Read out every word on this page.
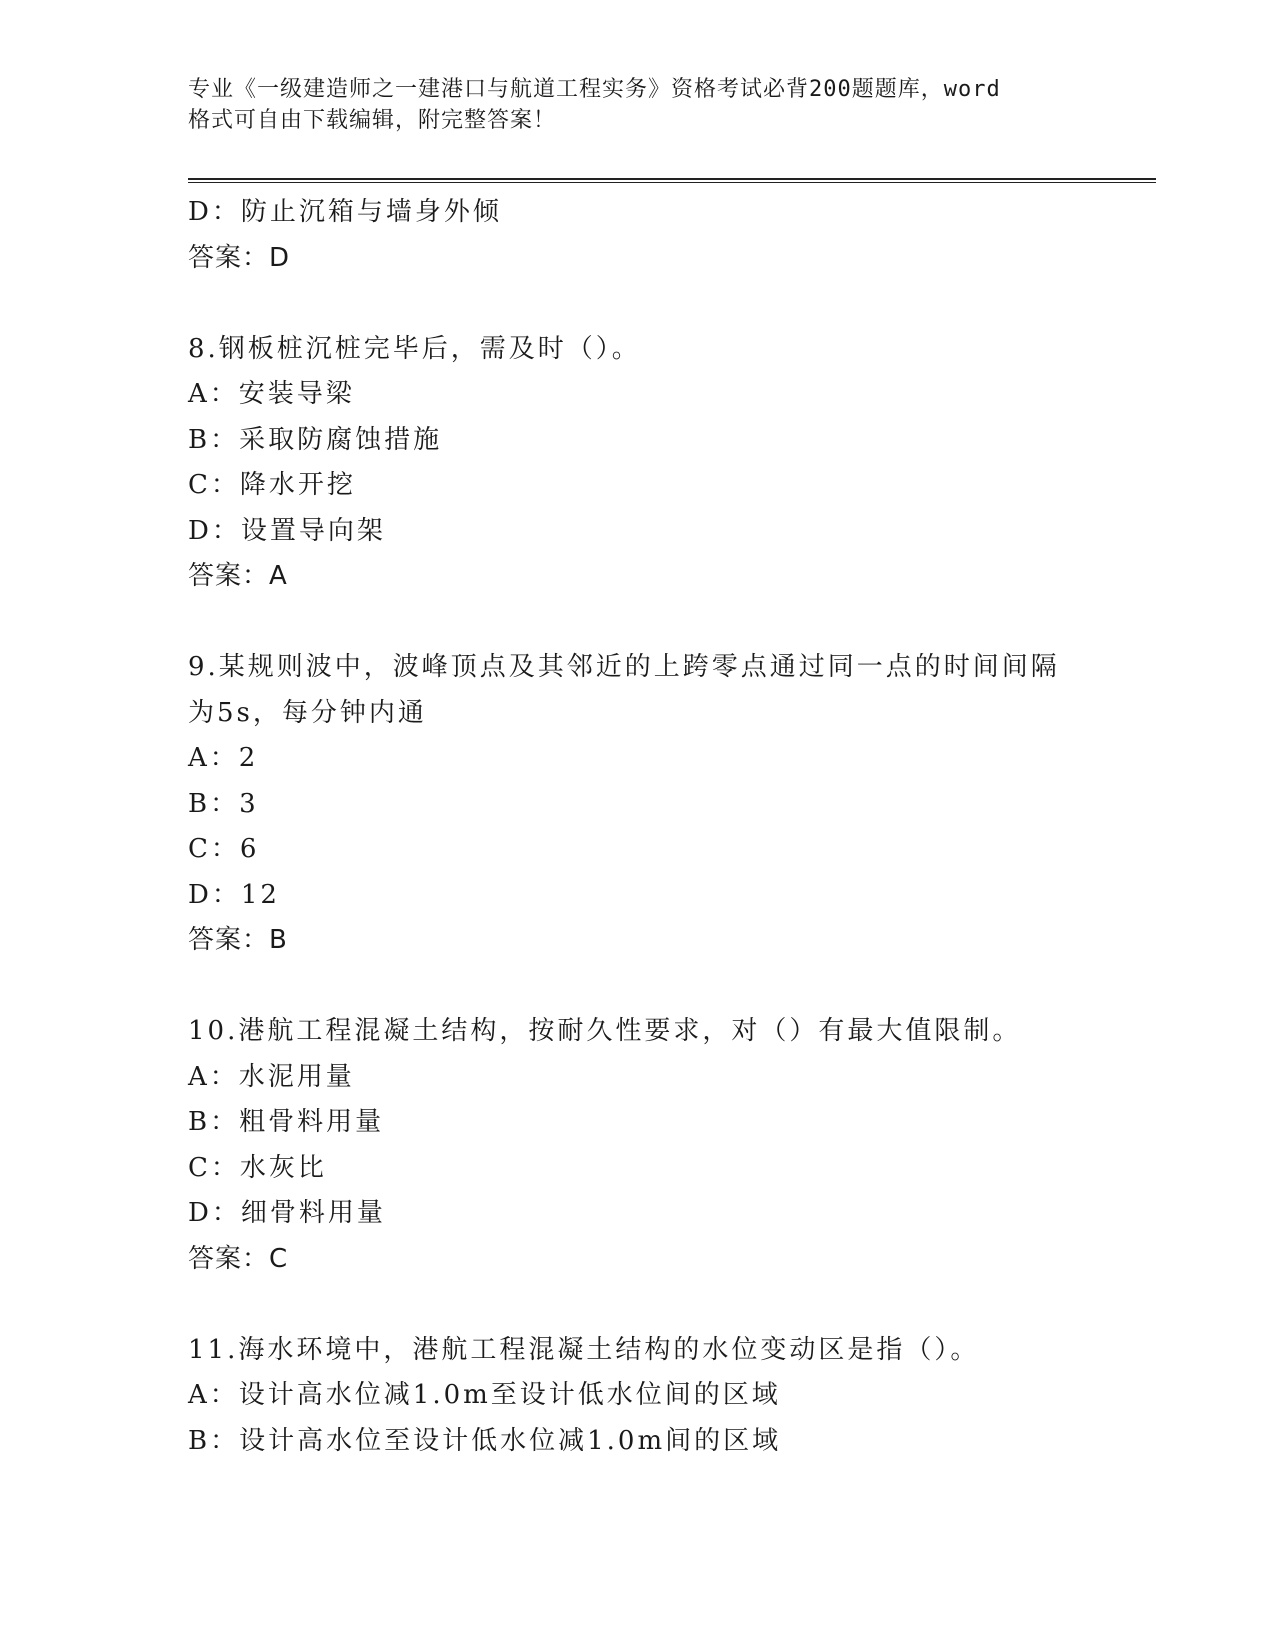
专业《一级建造师之一建港口与航道工程实务》资格考试必背200题题库，word
格式可自由下载编辑，附完整答案！
D：防止沉箱与墙身外倾
答案：D
8.钢板桩沉桩完毕后，需及时（）。
A：安装导梁
B：采取防腐蚀措施
C：降水开挖
D：设置导向架
答案：A
9.某规则波中，波峰顶点及其邻近的上跨零点通过同一点的时间间隔
为5s，每分钟内通
A：2
B：3
C：6
D：12
答案：B
10.港航工程混凝土结构，按耐久性要求，对（）有最大值限制。
A：水泥用量
B：粗骨料用量
C：水灰比
D：细骨料用量
答案：C
11.海水环境中，港航工程混凝土结构的水位变动区是指（）。
A：设计高水位减1.0m至设计低水位间的区域
B：设计高水位至设计低水位减1.0m间的区域
